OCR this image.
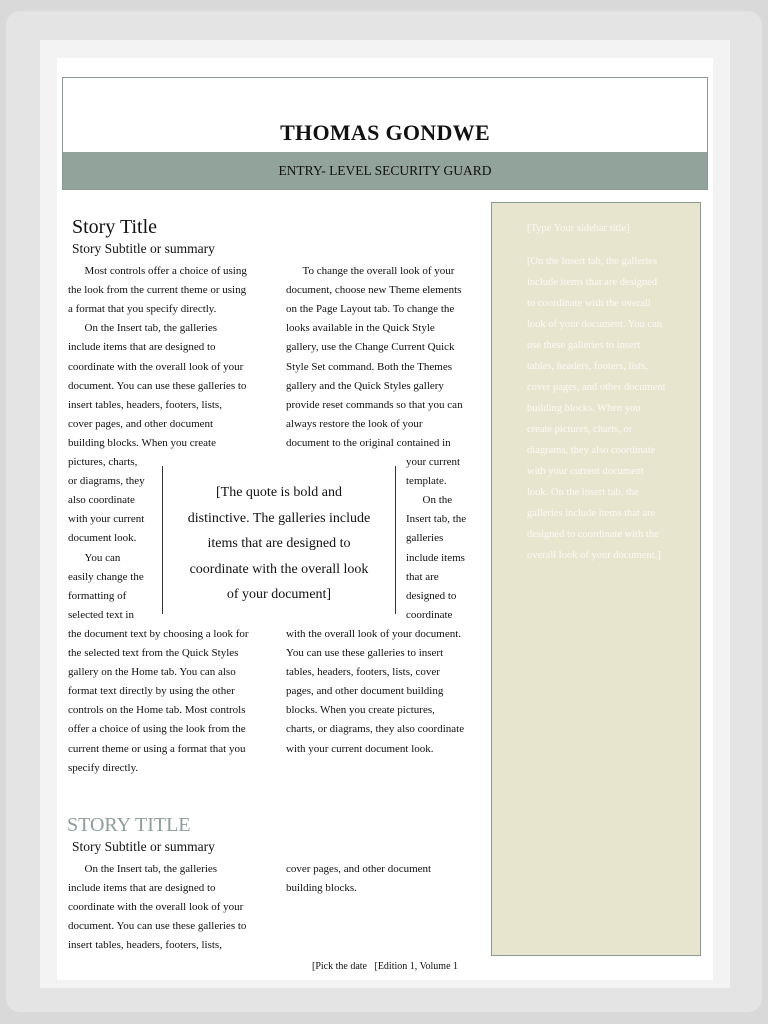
THOMAS GONDWE
ENTRY- LEVEL SECURITY GUARD
[Type Your sidebar title]
[On the Insert tab, the galleries include items that are designed to coordinate with the overall look of your document. You can use these galleries to insert tables, headers, footers, lists, cover pages, and other document building blocks. When you create pictures, charts, or diagrams, they also coordinate with your current document look. On the insert tab, the galleries include items that are designed to coordinate with the overall look of your document.]
Story Title
Story Subtitle or summary
Most controls offer a choice of using
the look from the current theme or using
a format that you specify directly.
On the Insert tab, the galleries
include items that are designed to
coordinate with the overall look of your
document. You can use these galleries to
insert tables, headers, footers, lists,
cover pages, and other document
building blocks. When you create
pictures, charts,
or diagrams, they
also coordinate
with your current
document look.
You can
easily change the
formatting of
selected text in
the document text by choosing a look for
the selected text from the Quick Styles
gallery on the Home tab. You can also
format text directly by using the other
controls on the Home tab. Most controls
offer a choice of using the look from the
current theme or using a format that you
specify directly.
To change the overall look of your
document, choose new Theme elements
on the Page Layout tab. To change the
looks available in the Quick Style
gallery, use the Change Current Quick
Style Set command. Both the Themes
gallery and the Quick Styles gallery
provide reset commands so that you can
always restore the look of your
document to the original contained in
your current
template.
On the
Insert tab, the
galleries
include items
that are
designed to
coordinate
with the overall look of your document.
You can use these galleries to insert
tables, headers, footers, lists, cover
pages, and other document building
blocks. When you create pictures,
charts, or diagrams, they also coordinate
with your current document look.
[The quote is bold and
distinctive. The galleries include
items that are designed to
coordinate with the overall look
of your document]
STORY TITLE
Story Subtitle or summary
On the Insert tab, the galleries
include items that are designed to
coordinate with the overall look of your
document. You can use these galleries to
insert tables, headers, footers, lists,
cover pages, and other document
building blocks.
[Pick the date [Edition 1, Volume 1
